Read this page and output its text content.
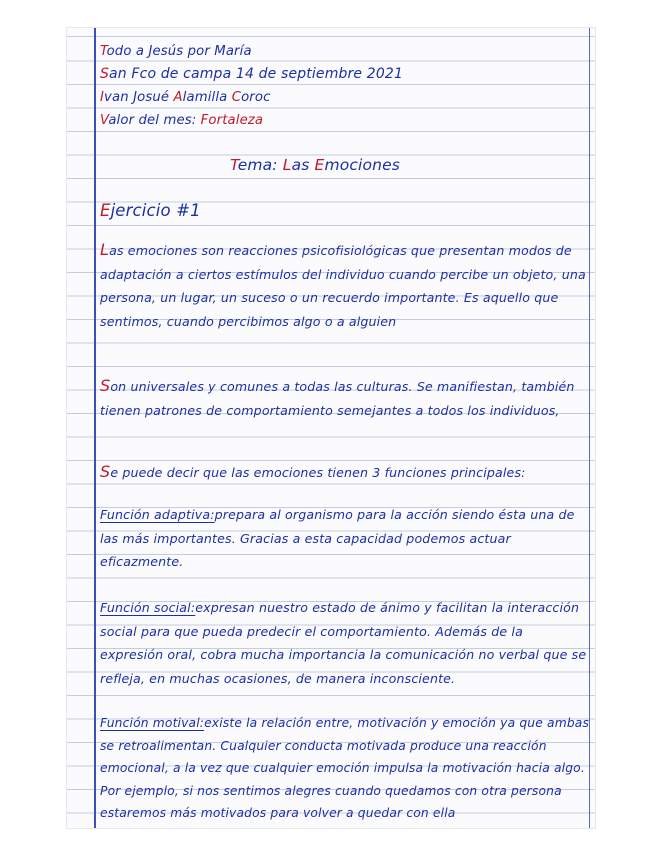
Todo a Jesús por María
San Fco de campa 14 de septiembre 2021
Ivan Josué Alamilla Coroc
Valor del mes: Fortaleza
Tema: Las Emociones
Ejercicio #1
Las emociones son reacciones psicofisiológicas que presentan modos de adaptación a ciertos estímulos del individuo cuando percibe un objeto, una persona, un lugar, un suceso o un recuerdo importante. Es aquello que sentimos, cuando percibimos algo o a alguien
Son universales y comunes a todas las culturas. Se manifiestan, también tienen patrones de comportamiento semejantes a todos los individuos,
Se puede decir que las emociones tienen 3 funciones principales:
Función adaptiva:prepara al organismo para la acción siendo ésta una de las más importantes. Gracias a esta capacidad podemos actuar eficazmente.
Función social:expresan nuestro estado de ánimo y facilitan la interacción social para que pueda predecir el comportamiento. Además de la expresión oral, cobra mucha importancia la comunicación no verbal que se refleja, en muchas ocasiones, de manera inconsciente.
Función motival:existe la relación entre, motivación y emoción ya que ambas se retroalimentan. Cualquier conducta motivada produce una reacción emocional, a la vez que cualquier emoción impulsa la motivación hacia algo. Por ejemplo, si nos sentimos alegres cuando quedamos con otra persona estaremos más motivados para volver a quedar con ella
